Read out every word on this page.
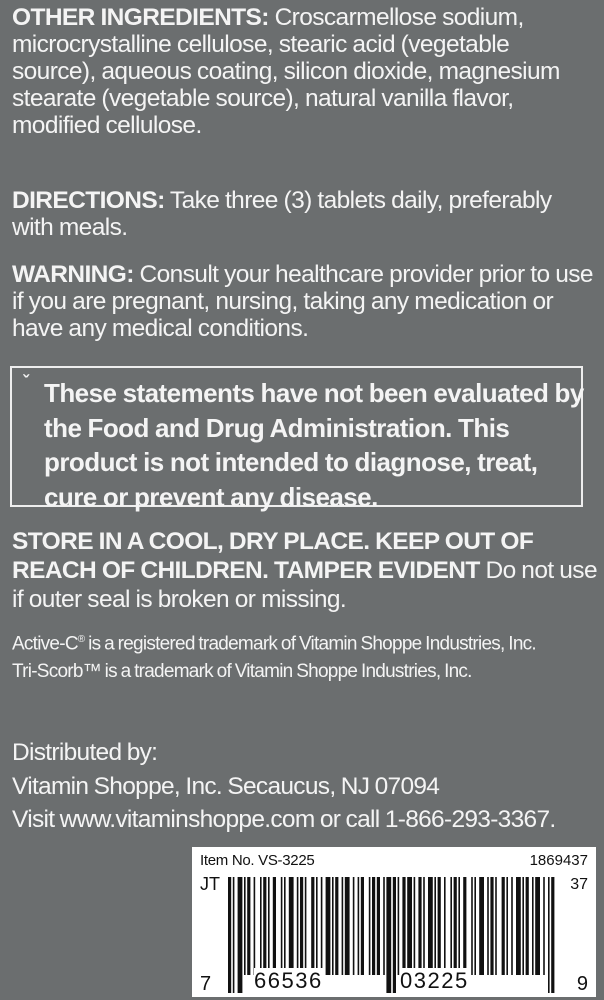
OTHER INGREDIENTS: Croscarmellose sodium, microcrystalline cellulose, stearic acid (vegetable source), aqueous coating, silicon dioxide, magnesium stearate (vegetable source), natural vanilla flavor, modified cellulose.

DIRECTIONS: Take three (3) tablets daily, preferably with meals.

WARNING: Consult your healthcare provider prior to use if you are pregnant, nursing, taking any medication or have any medical conditions.

ˇ These statements have not been evaluated by the Food and Drug Administration. This product is not intended to diagnose, treat, cure or prevent any disease.

STORE IN A COOL, DRY PLACE. KEEP OUT OF REACH OF CHILDREN. TAMPER EVIDENT Do not use if outer seal is broken or missing.

Active-C® is a registered trademark of Vitamin Shoppe Industries, Inc.

Tri-Scorb™ is a trademark of Vitamin Shoppe Industries, Inc.

Distributed by:

Vitamin Shoppe, Inc. Secaucus, NJ 07094

Visit www.vitaminshoppe.com or call 1-866-293-3367.

Item No. VS-3225	1869437
JT	37
7 66536	03225	9
